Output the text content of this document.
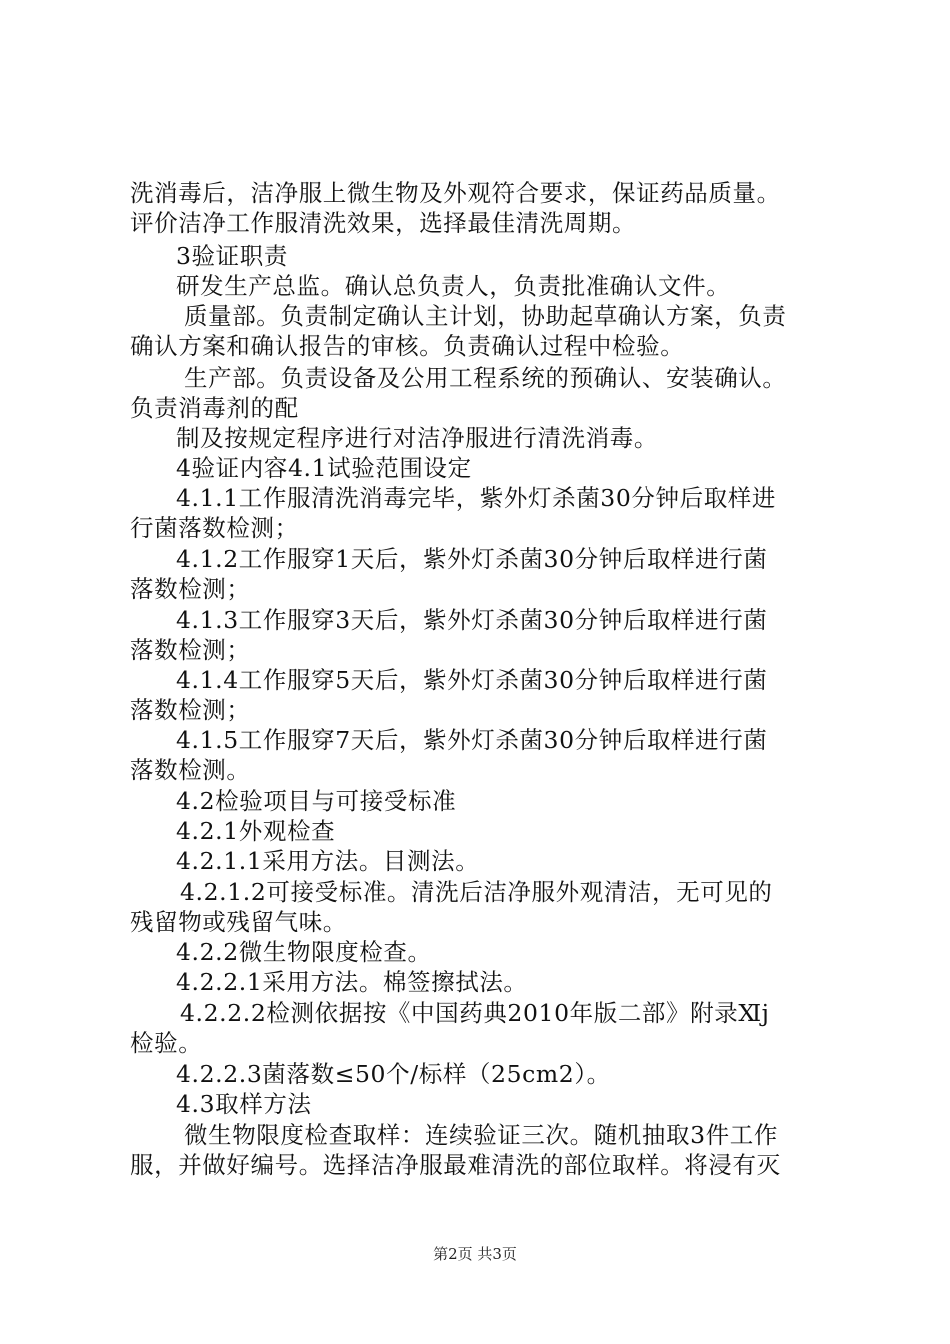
洗消毒后，洁净服上微生物及外观符合要求，保证药品质量。
评价洁净工作服清洗效果，选择最佳清洗周期。
3验证职责
研发生产总监。确认总负责人，负责批准确认文件。
质量部。负责制定确认主计划，协助起草确认方案，负责
确认方案和确认报告的审核。负责确认过程中检验。
生产部。负责设备及公用工程系统的预确认、安装确认。
负责消毒剂的配
制及按规定程序进行对洁净服进行清洗消毒。
4验证内容4.1试验范围设定
4.1.1工作服清洗消毒完毕，紫外灯杀菌30分钟后取样进
行菌落数检测；
4.1.2工作服穿1天后，紫外灯杀菌30分钟后取样进行菌
落数检测；
4.1.3工作服穿3天后，紫外灯杀菌30分钟后取样进行菌
落数检测；
4.1.4工作服穿5天后，紫外灯杀菌30分钟后取样进行菌
落数检测；
4.1.5工作服穿7天后，紫外灯杀菌30分钟后取样进行菌
落数检测。
4.2检验项目与可接受标准
4.2.1外观检查
4.2.1.1采用方法。目测法。
4.2.1.2可接受标准。清洗后洁净服外观清洁，无可见的
残留物或残留气味。
4.2.2微生物限度检查。
4.2.2.1采用方法。棉签擦拭法。
4.2.2.2检测依据按《中国药典2010年版二部》附录Ⅺj
检验。
4.2.2.3菌落数≤50个/标样（25cm2）。
4.3取样方法
微生物限度检查取样：连续验证三次。随机抽取3件工作
服，并做好编号。选择洁净服最难清洗的部位取样。将浸有灭
第2页 共3页
